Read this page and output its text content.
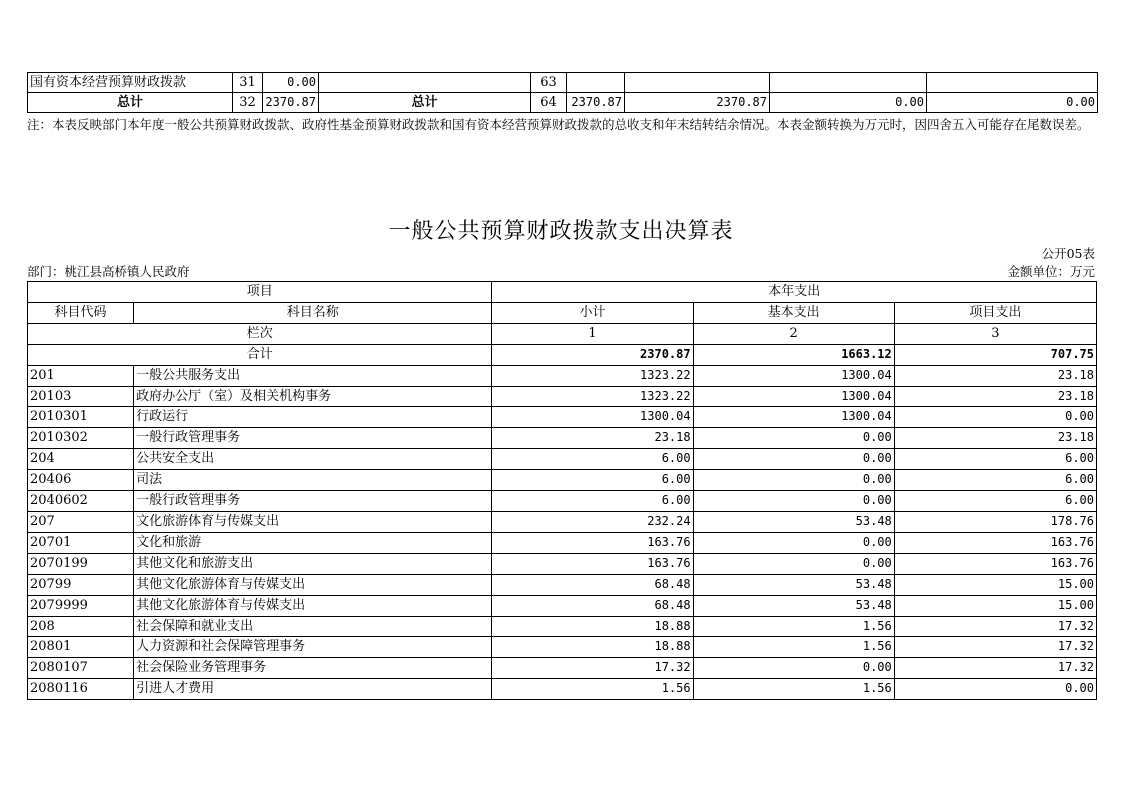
国有资本经营预算财政拨款	31	0.00		63				
总计	32	2370.87	总计	64	2370.87	2370.87	0.00	0.00
注：本表反映部门本年度一般公共预算财政拨款、政府性基金预算财政拨款和国有资本经营预算财政拨款的总收支和年末结转结余情况。本表金额转换为万元时，因四舍五入可能存在尾数误差。
一般公共预算财政拨款支出决算表
公开05表
部门：桃江县高桥镇人民政府	金额单位：万元
项目		本年支出		
科目代码	科目名称	小计	基本支出	项目支出
栏次		1	2	3
合计		2370.87	1663.12	707.75
201	一般公共服务支出	1323.22	1300.04	23.18
20103	政府办公厅（室）及相关机构事务	1323.22	1300.04	23.18
2010301	行政运行	1300.04	1300.04	0.00
2010302	一般行政管理事务	23.18	0.00	23.18
204	公共安全支出	6.00	0.00	6.00
20406	司法	6.00	0.00	6.00
2040602	一般行政管理事务	6.00	0.00	6.00
207	文化旅游体育与传媒支出	232.24	53.48	178.76
20701	文化和旅游	163.76	0.00	163.76
2070199	其他文化和旅游支出	163.76	0.00	163.76
20799	其他文化旅游体育与传媒支出	68.48	53.48	15.00
2079999	其他文化旅游体育与传媒支出	68.48	53.48	15.00
208	社会保障和就业支出	18.88	1.56	17.32
20801	人力资源和社会保障管理事务	18.88	1.56	17.32
2080107	社会保险业务管理事务	17.32	0.00	17.32
2080116	引进人才费用	1.56	1.56	0.00
